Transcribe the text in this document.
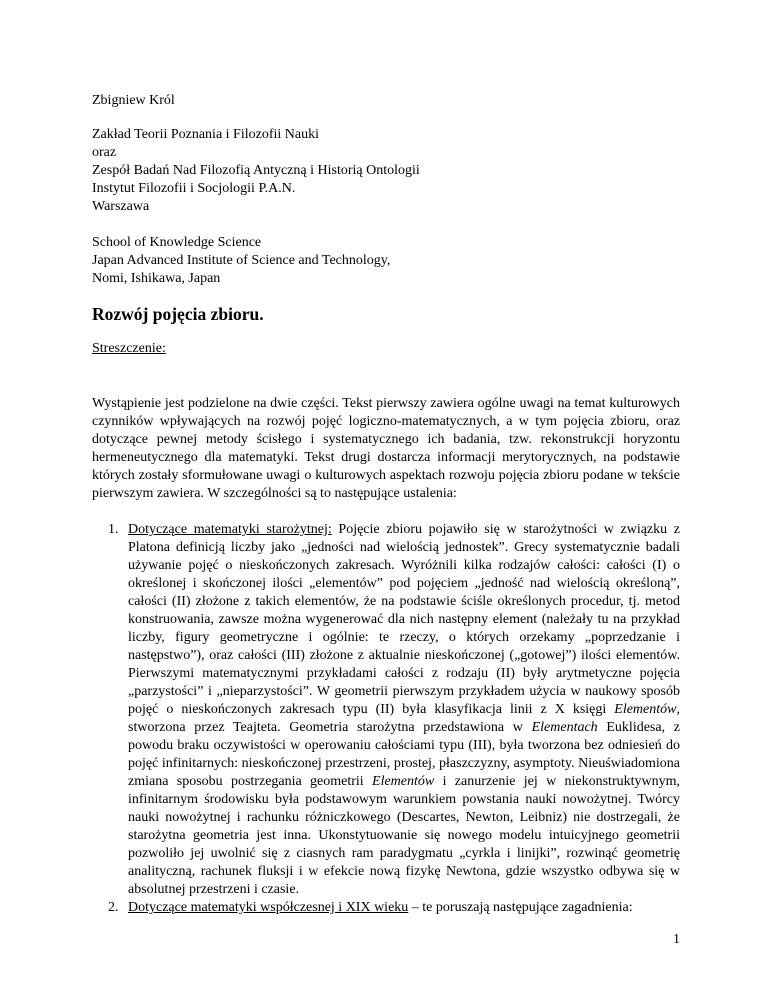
Zbigniew Król
Zakład Teorii Poznania i Filozofii Nauki
oraz
Zespół Badań Nad Filozofią Antyczną i Historią Ontologii
Instytut Filozofii i Socjologii P.A.N.
Warszawa
School of Knowledge Science
Japan Advanced Institute of Science and Technology,
Nomi, Ishikawa, Japan
Rozwój pojęcia zbioru.
Streszczenie:

Wystąpienie jest podzielone na dwie części. Tekst pierwszy zawiera ogólne uwagi na temat kulturowych czynników wpływających na rozwój pojęć logiczno-matematycznych, a w tym pojęcia zbioru, oraz dotyczące pewnej metody ścisłego i systematycznego ich badania, tzw. rekonstrukcji horyzontu hermeneutycznego dla matematyki. Tekst drugi dostarcza informacji merytorycznych, na podstawie których zostały sformułowane uwagi o kulturowych aspektach rozwoju pojęcia zbioru podane w tekście pierwszym zawiera. W szczególności są to następujące ustalenia:

1. Dotyczące matematyki starożytnej: Pojęcie zbioru pojawiło się w starożytności w związku z Platona definicją liczby jako „jedności nad wielością jednostek”. Grecy systematycznie badali używanie pojęć o nieskończonych zakresach. Wyróżnili kilka rodzajów całości: całości (I) o określonej i skończonej ilości „elementów” pod pojęciem „jedność nad wielością określoną”, całości (II) złożone z takich elementów, że na podstawie ściśle określonych procedur, tj. metod konstruowania, zawsze można wygenerować dla nich następny element (należały tu na przykład liczby, figury geometryczne i ogólnie: te rzeczy, o których orzekamy „poprzedzanie i następstwo”), oraz całości (III) złożone z aktualnie nieskończonej („gotowej”) ilości elementów. Pierwszymi matematycznymi przykładami całości z rodzaju (II) były arytmetyczne pojęcia „parzystości” i „nieparzystości”. W geometrii pierwszym przykładem użycia w naukowy sposób pojęć o nieskończonych zakresach typu (II) była klasyfikacja linii z X księgi Elementów, stworzona przez Teajteta. Geometria starożytna przedstawiona w Elementach Euklidesa, z powodu braku oczywistości w operowaniu całościami typu (III), była tworzona bez odniesień do pojęć infinitarnych: nieskończonej przestrzeni, prostej, płaszczyzny, asymptoty. Nieuświadomiona zmiana sposobu postrzegania geometrii Elementów i zanurzenie jej w niekonstruktywnym, infinitarnym środowisku była podstawowym warunkiem powstania nauki nowożytnej. Twórcy nauki nowożytnej i rachunku różniczkowego (Descartes, Newton, Leibniz) nie dostrzegali, że starożytna geometria jest inna. Ukonstytuowanie się nowego modelu intuicyjnego geometrii pozwoliło jej uwolnić się z ciasnych ram paradygmatu „cyrkla i linijki”, rozwinąć geometrię analityczną, rachunek fluksji i w efekcie nową fizykę Newtona, gdzie wszystko odbywa się w absolutnej przestrzeni i czasie.
2. Dotyczące matematyki współczesnej i XIX wieku – te poruszają następujące zagadnienia:
1
